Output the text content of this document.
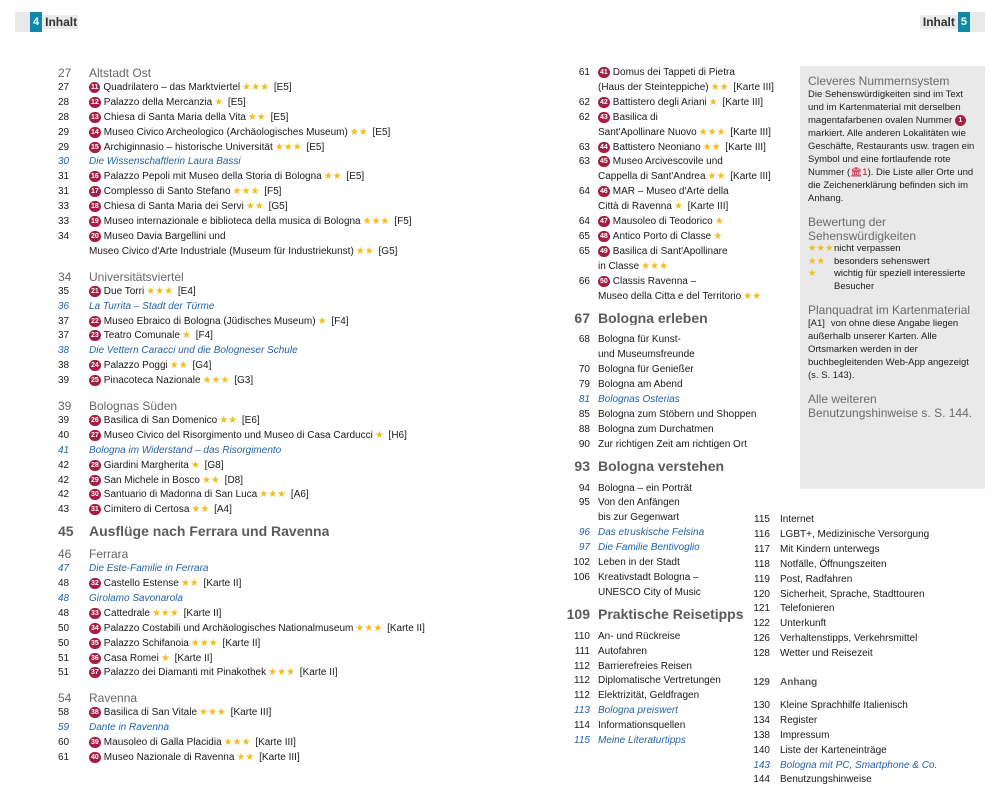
4 Inhalt	Inhalt 5
27	Altstadt Ost
27	11 Quadrilatero – das Marktviertel ★★★ [E5]
28	12 Palazzo della Mercanzia ★ [E5]
28	13 Chiesa di Santa Maria della Vita ★★ [E5]
29	14 Museo Civico Archeologico (Archäologisches Museum) ★★ [E5]
29	15 Archiginnasio – historische Universität ★★★ [E5]
30	Die Wissenschaftlerin Laura Bassi
31	16 Palazzo Pepoli mit Museo della Storia di Bologna ★★ [E5]
31	17 Complesso di Santo Stefano ★★★ [F5]
33	18 Chiesa di Santa Maria dei Servi ★★ [G5]
33	19 Museo internazionale e biblioteca della musica di Bologna ★★★ [F5]
34	20 Museo Davia Bargellini und
Museo Civico d'Arte Industriale (Museum für Industriekunst) ★★ [G5]
34	Universitätsviertel
35	21 Due Torri ★★★ [E4]
36	La Turrita – Stadt der Türme
37	22 Museo Ebraico di Bologna (Jüdisches Museum) ★ [F4]
37	23 Teatro Comunale ★ [F4]
38	Die Vettern Caracci und die Bologneser Schule
38	24 Palazzo Poggi ★★ [G4]
39	25 Pinacoteca Nazionale ★★★ [G3]
39	Bolognas Süden
39	26 Basilica di San Domenico ★★ [E6]
40	27 Museo Civico del Risorgimento und Museo di Casa Carducci ★ [H6]
41	Bologna im Widerstand – das Risorgimento
42	28 Giardini Margherita ★ [G8]
42	29 San Michele in Bosco ★★ [D8]
42	30 Santuario di Madonna di San Luca ★★★ [A6]
43	31 Cimitero di Certosa ★★ [A4]
45	Ausflüge nach Ferrara und Ravenna
46	Ferrara
47	Die Este-Familie in Ferrara
48	32 Castello Estense ★★ [Karte II]
48	Girolamo Savonarola
48	33 Cattedrale ★★★ [Karte II]
50	34 Palazzo Costabili und Archäologisches Nationalmuseum ★★★ [Karte II]
50	35 Palazzo Schifanoia ★★★ [Karte II]
51	36 Casa Romei ★ [Karte II]
51	37 Palazzo dei Diamanti mit Pinakothek ★★★ [Karte II]
54	Ravenna
58	38 Basilica di San Vitale ★★★ [Karte III]
59	Dante in Ravenna
60	39 Mausoleo di Galla Placidia ★★★ [Karte III]
61	40 Museo Nazionale di Ravenna ★★ [Karte III]
61	41 Domus dei Tappeti di Pietra
(Haus der Steinteppiche) ★★ [Karte III]
62	42 Battistero degli Ariani ★ [Karte III]
62	43 Basilica di
Sant'Apollinare Nuovo ★★★ [Karte III]
63	44 Battistero Neoniano ★★ [Karte III]
63	45 Museo Arcivescovile und
Cappella di Sant'Andrea ★★ [Karte III]
64	46 MAR – Museo d'Arte della
Città di Ravenna ★ [Karte III]
64	47 Mausoleo di Teodorico ★
65	48 Antico Porto di Classe ★
65	49 Basilica di Sant'Apollinare
in Classe ★★★
66	50 Classis Ravenna –
Museo della Citta e del Territorio ★★
67 Bologna erleben
68 Bologna für Kunst-
und Museumsfreunde
70 Bologna für Genießer
79 Bologna am Abend
81 Bolognas Osterias
85 Bologna zum Stöbern und Shoppen
88 Bologna zum Durchatmen
90 Zur richtigen Zeit am richtigen Ort
93 Bologna verstehen
94 Bologna – ein Porträt
95 Von den Anfängen
bis zur Gegenwart
96 Das etruskische Felsina
97 Die Familie Bentivoglio
102 Leben in der Stadt
106 Kreativstadt Bologna –
UNESCO City of Music
109 Praktische Reisetipps
110 An- und Rückreise
111 Autofahren
112 Barrierefreies Reisen
112 Diplomatische Vertretungen
112 Elektrizität, Geldfragen
113 Bologna preiswert
114 Informationsquellen
115 Meine Literaturtipps
Cleveres Nummernsystem

Die Sehenswürdigkeiten sind im Text und im Kartenmaterial mit derselben magentafarbenen ovalen Nummer 1 markiert. Alle anderen Lokalitäten wie Geschäfte, Restaurants usw. tragen ein Symbol und eine fortlaufende rote Nummer (🏛1). Die Liste aller Orte und die Zeichenerklärung befinden sich im Anhang.

Bewertung der Sehenswürdigkeiten
★★★ nicht verpassen
★★ besonders sehenswert
★	wichtig für speziell interessierte Besucher
Planquadrat im Kartenmaterial

[A1] von ohne diese Angabe liegen außerhalb unserer Karten. Alle Ortsmarken werden in der buchbegleitenden Web-App angezeigt (s. S. 143).

Alle weiteren Benutzungshinweise s. S. 144.
115	Internet
116	LGBT+, Medizinische Versorgung
117	Mit Kindern unterwegs
118	Notfälle, Öffnungszeiten
119	Post, Radfahren
120	Sicherheit, Sprache, Stadttouren
121	Telefonieren
122	Unterkunft
126	Verhaltenstipps, Verkehrsmittel
128	Wetter und Reisezeit
129	Anhang
130	Kleine Sprachhilfe Italienisch
134	Register
138	Impressum
140	Liste der Karteneinträge
143	Bologna mit PC, Smartphone & Co.
144	Benutzungshinweise
